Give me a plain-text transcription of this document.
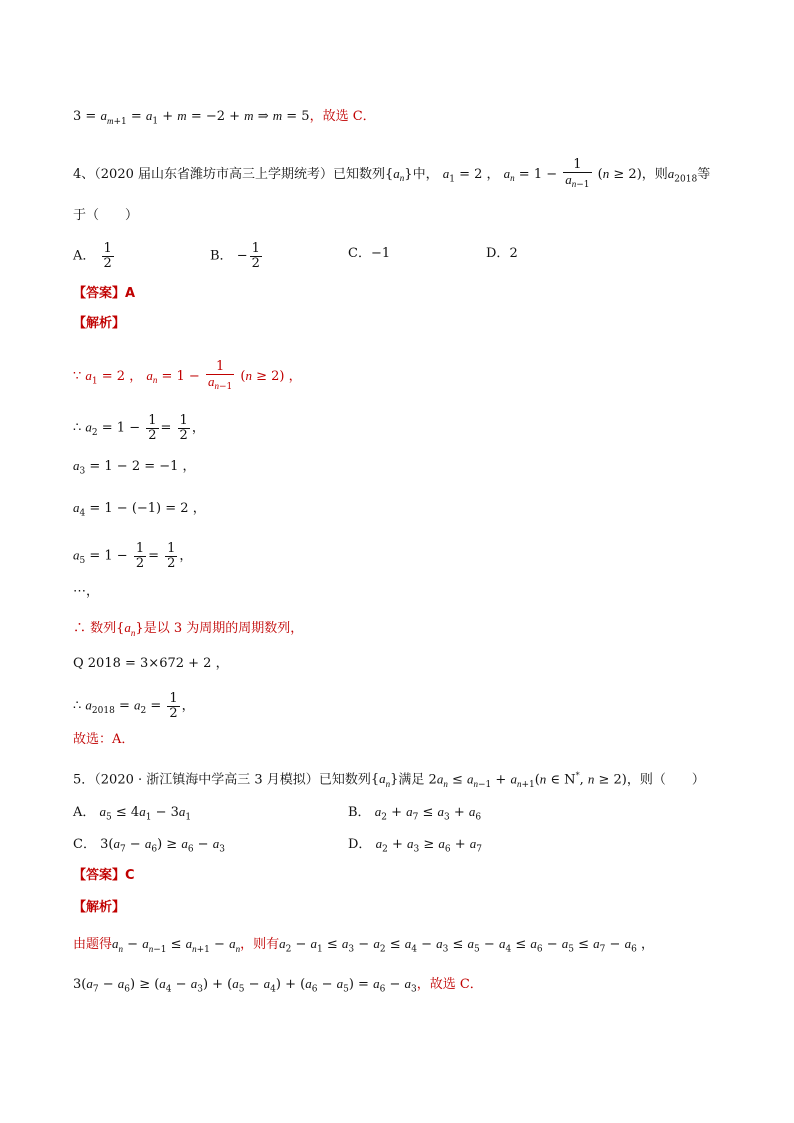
$3 = a_{m+1} = a_1 + m = -2 + m$ ⇒ m = 5，故选 C．
4、（2020 届山东省潍坊市高三上学期统考）已知数列$\{a_n\}$中， $a_1 = 2$ ， $a_n = 1 - \frac{1}{a_{n-1}} (n \ge 2)$，则$a_{2018}$等
于（　　）
A． $\frac{1}{2}$	B． − $\frac{1}{2}$	C．−1	D．2
【答案】A
【解析】
∵ $a_1 = 2$ ， $a_n = 1 - \frac{1}{a_{n-1}} (n \ge 2)$ ，
∴ $a_2 = 1 - \frac{1}{2} = \frac{1}{2}$ ，
$a_3 = 1 - 2 = -1$ ，
$a_4 = 1 - (-1) = 2$ ，
$a_5 = 1 - \frac{1}{2} = \frac{1}{2}$ ，
⋯，
∴ 数列$\{a_n\}$是以 3 为周期的周期数列，
Q 2018 = 3×672 + 2 ，
∴ $a_{2018} = a_2 = \frac{1}{2}$ ，
故选：A．
5．（2020 · 浙江镇海中学高三 3 月模拟）已知数列$\{a_n\}$满足 $2a_n \le a_{n-1} + a_{n+1}(n$ ∈ N*, n ≥ 2)，则（　　）
A． $a_5 \le 4a_1 - 3a_1$	B． $a_2 + a_7 \le a_3 + a_6$
C． $3(a_7 - a_6) \ge a_6 - a_3$	D． $a_2 + a_3 \ge a_6 + a_7$
【答案】C
【解析】
由题得$a_n - a_{n-1} \le a_{n+1} - a_n$，则有$a_2 - a_1 \le a_3 - a_2 \le a_4 - a_3 \le a_5 - a_4 \le a_6 - a_5 \le a_7 - a_6$ ，
$3(a_7 - a_6) \ge (a_4 - a_3) + (a_5 - a_4) + (a_6 - a_5) = a_6 - a_3$，故选 C．
